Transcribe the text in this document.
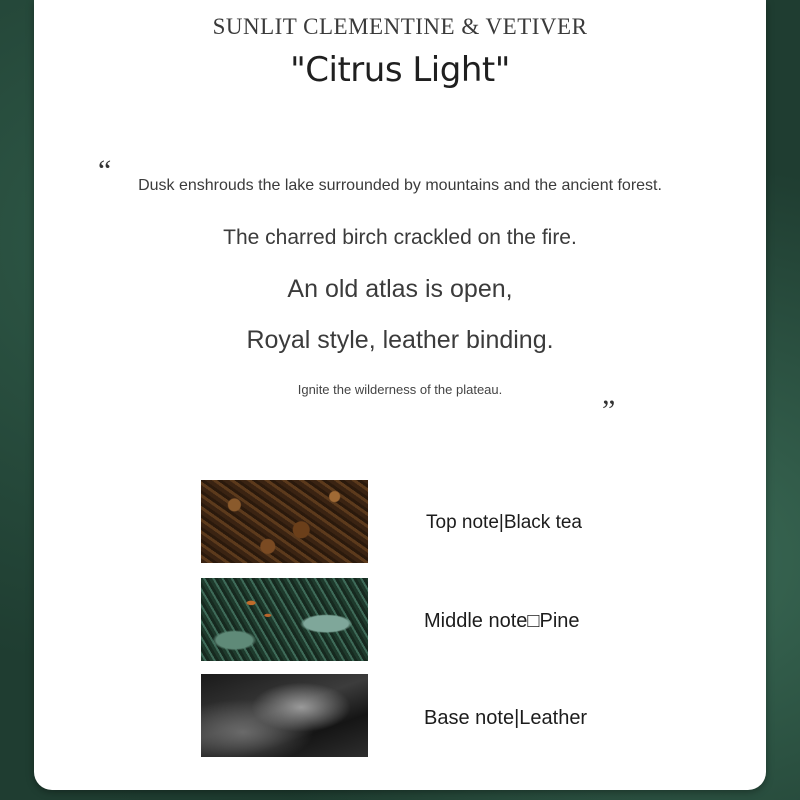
SUNLIT CLEMENTINE & VETIVER
"Citrus Light"
“	Dusk enshrouds the lake surrounded by mountains and the ancient forest.
The charred birch crackled on the fire.
An old atlas is open,
Royal style, leather binding.
Ignite the wilderness of the plateau.
”
Top note|Black tea
Middle note□Pine
Base note|Leather
